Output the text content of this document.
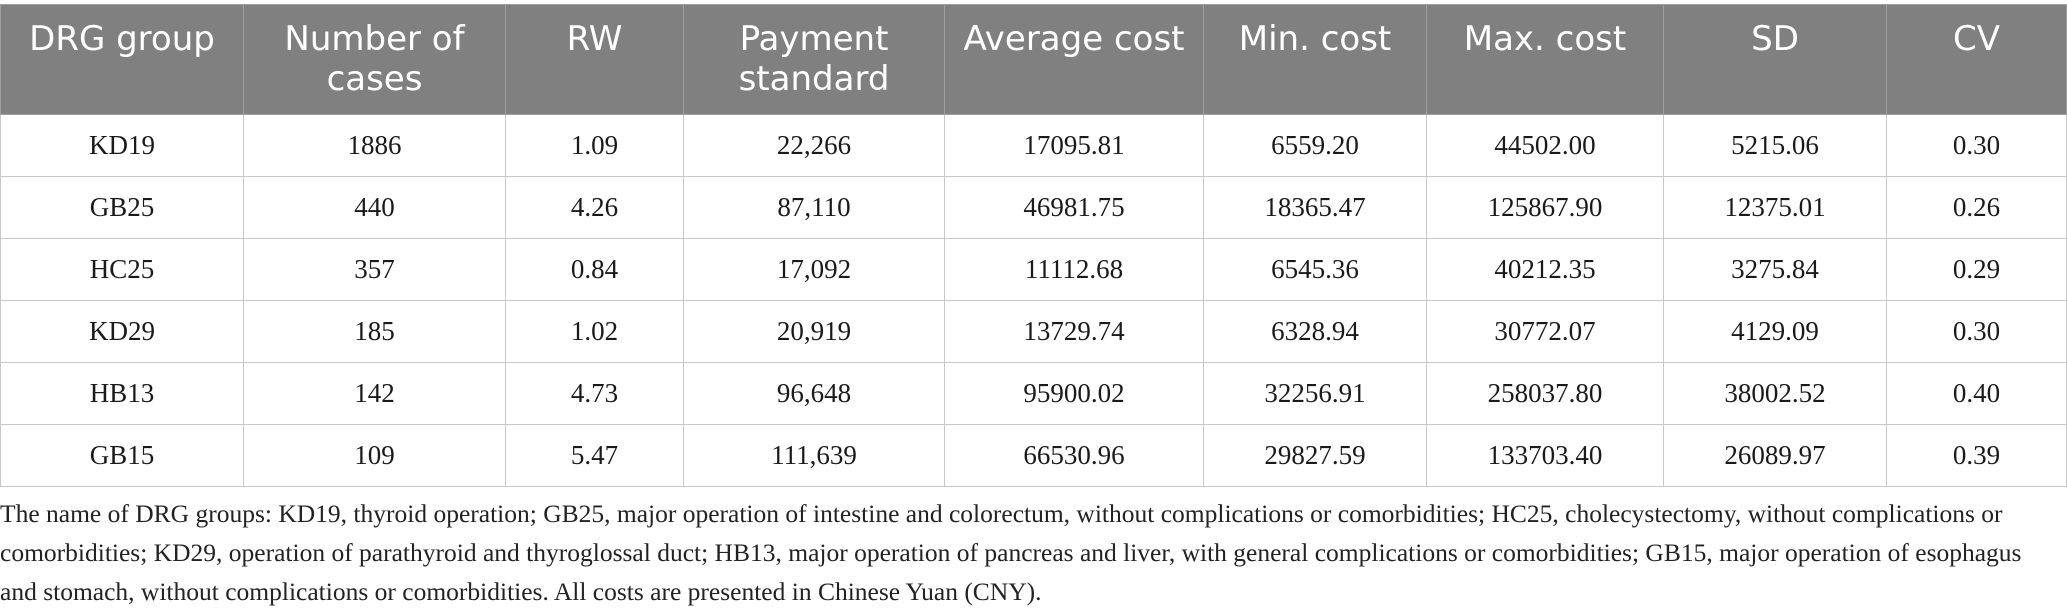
DRG group	Number of cases	RW	Payment standard	Average cost	Min. cost	Max. cost	SD	CV
KD19	1886	1.09	22,266	17095.81	6559.20	44502.00	5215.06	0.30
GB25	440	4.26	87,110	46981.75	18365.47	125867.90	12375.01	0.26
HC25	357	0.84	17,092	11112.68	6545.36	40212.35	3275.84	0.29
KD29	185	1.02	20,919	13729.74	6328.94	30772.07	4129.09	0.30
HB13	142	4.73	96,648	95900.02	32256.91	258037.80	38002.52	0.40
GB15	109	5.47	111,639	66530.96	29827.59	133703.40	26089.97	0.39

The name of DRG groups: KD19, thyroid operation; GB25, major operation of intestine and colorectum, without complications or comorbidities; HC25, cholecystectomy, without complications or comorbidities; KD29, operation of parathyroid and thyroglossal duct; HB13, major operation of pancreas and liver, with general complications or comorbidities; GB15, major operation of esophagus and stomach, without complications or comorbidities. All costs are presented in Chinese Yuan (CNY).
